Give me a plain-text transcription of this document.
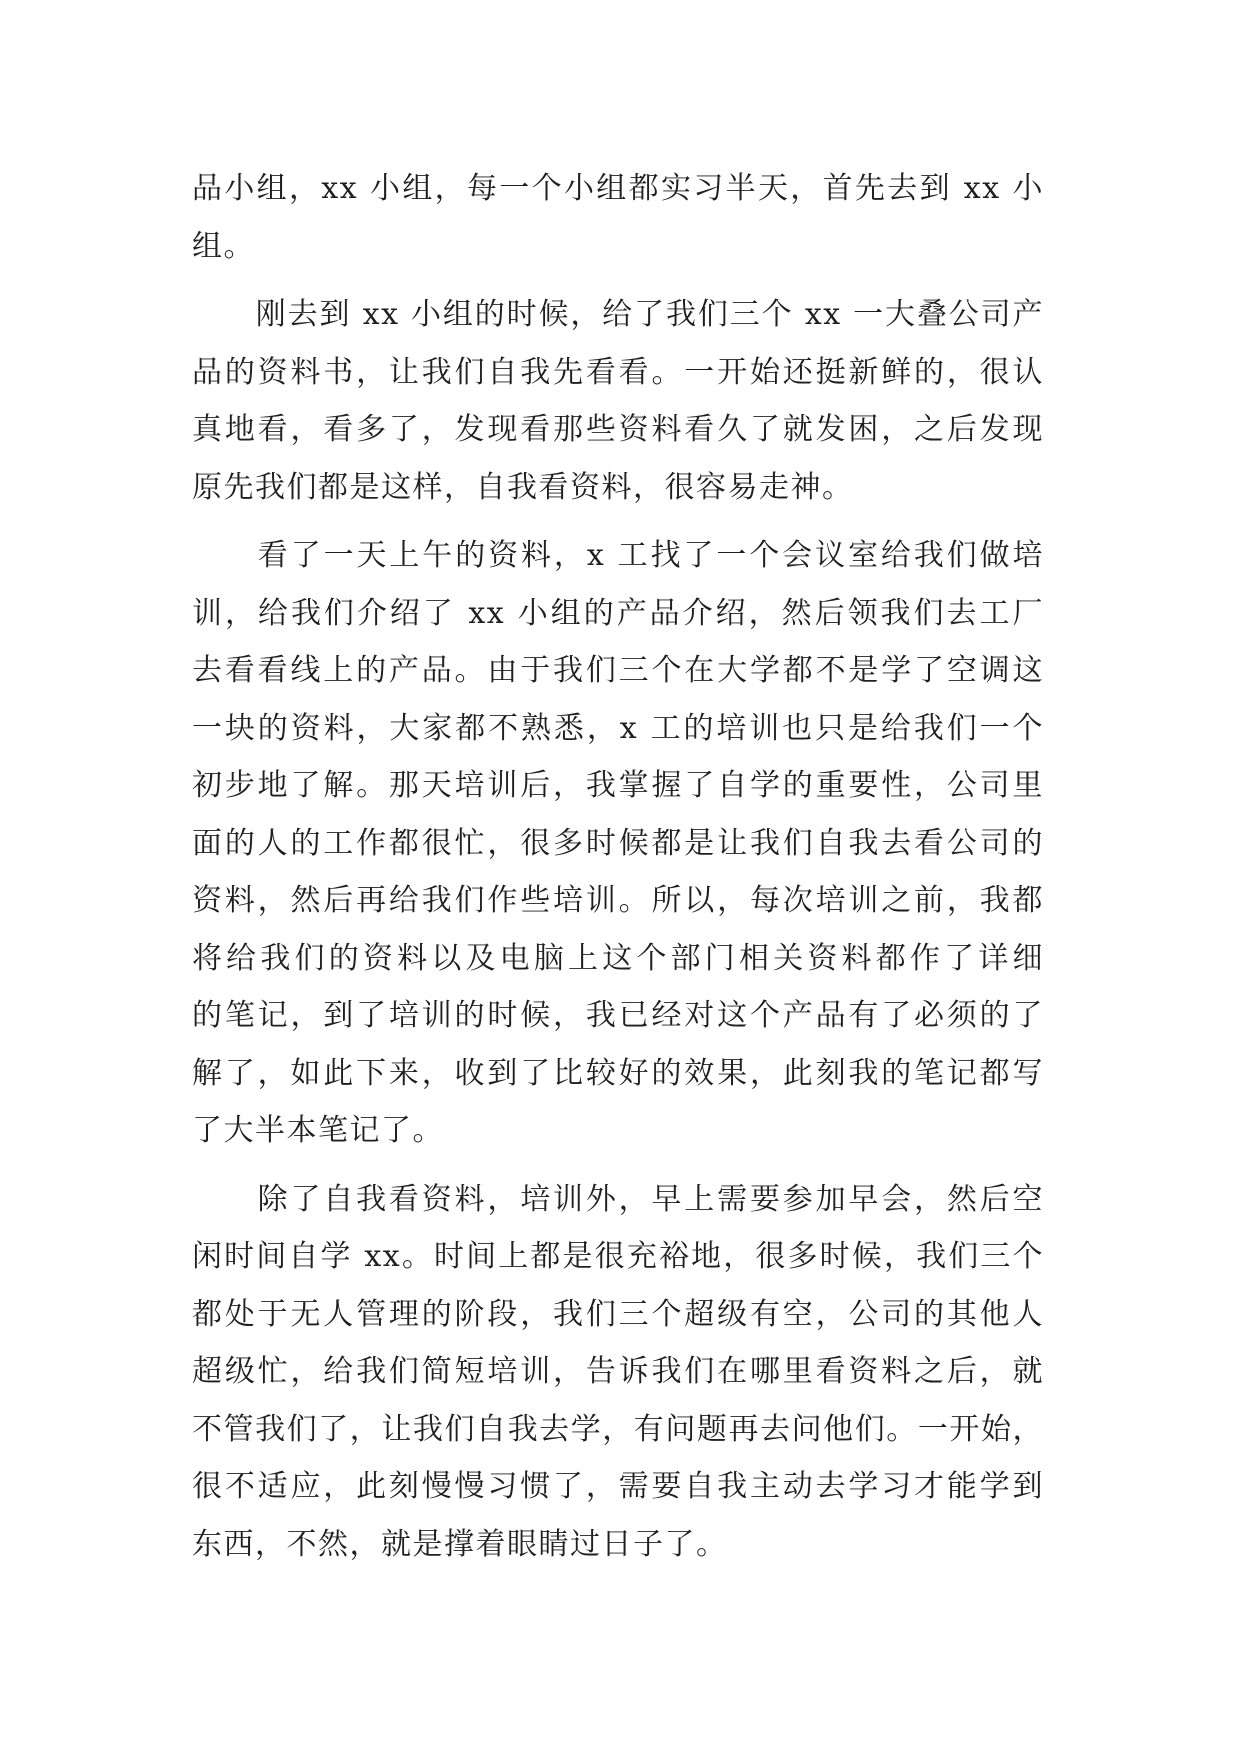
品小组，xx 小组，每一个小组都实习半天，首先去到 xx 小
组。
　　刚去到 xx 小组的时候，给了我们三个 xx 一大叠公司产
品的资料书，让我们自我先看看。一开始还挺新鲜的，很认
真地看，看多了，发现看那些资料看久了就发困，之后发现
原先我们都是这样，自我看资料，很容易走神。
　　看了一天上午的资料，x 工找了一个会议室给我们做培
训，给我们介绍了 xx 小组的产品介绍，然后领我们去工厂
去看看线上的产品。由于我们三个在大学都不是学了空调这
一块的资料，大家都不熟悉，x 工的培训也只是给我们一个
初步地了解。那天培训后，我掌握了自学的重要性，公司里
面的人的工作都很忙，很多时候都是让我们自我去看公司的
资料，然后再给我们作些培训。所以，每次培训之前，我都
将给我们的资料以及电脑上这个部门相关资料都作了详细
的笔记，到了培训的时候，我已经对这个产品有了必须的了
解了，如此下来，收到了比较好的效果，此刻我的笔记都写
了大半本笔记了。
　　除了自我看资料，培训外，早上需要参加早会，然后空
闲时间自学 xx。时间上都是很充裕地，很多时候，我们三个
都处于无人管理的阶段，我们三个超级有空，公司的其他人
超级忙，给我们简短培训，告诉我们在哪里看资料之后，就
不管我们了，让我们自我去学，有问题再去问他们。一开始，
很不适应，此刻慢慢习惯了，需要自我主动去学习才能学到
东西，不然，就是撑着眼睛过日子了。
